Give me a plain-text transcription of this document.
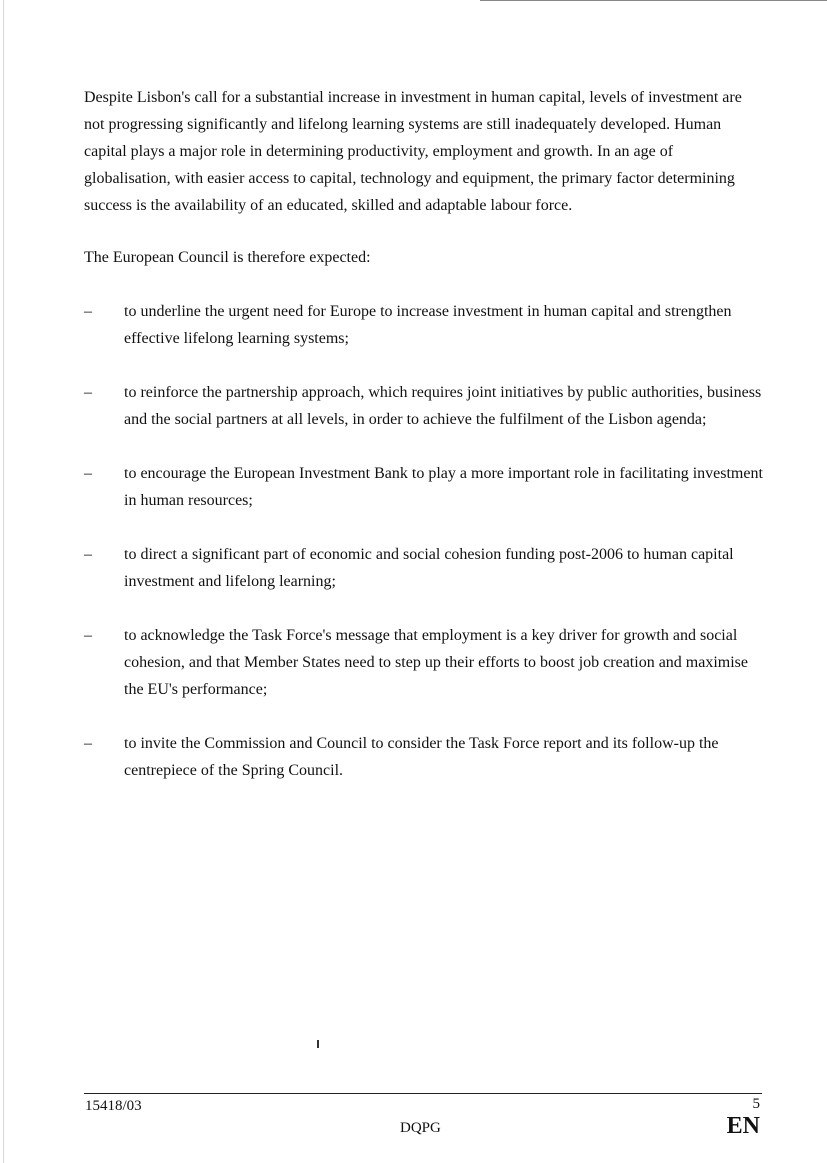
Despite Lisbon's call for a substantial increase in investment in human capital, levels of investment are not progressing significantly and lifelong learning systems are still inadequately developed. Human capital plays a major role in determining productivity, employment and growth. In an age of globalisation, with easier access to capital, technology and equipment, the primary factor determining success is the availability of an educated, skilled and adaptable labour force.

The European Council is therefore expected:

– to underline the urgent need for Europe to increase investment in human capital and strengthen effective lifelong learning systems;
– to reinforce the partnership approach, which requires joint initiatives by public authorities, business and the social partners at all levels, in order to achieve the fulfilment of the Lisbon agenda;
– to encourage the European Investment Bank to play a more important role in facilitating investment in human resources;
– to direct a significant part of economic and social cohesion funding post-2006 to human capital investment and lifelong learning;
– to acknowledge the Task Force's message that employment is a key driver for growth and social cohesion, and that Member States need to step up their efforts to boost job creation and maximise the EU's performance;
– to invite the Commission and Council to consider the Task Force report and its follow-up the centrepiece of the Spring Council.
15418/03
DQPG
5
EN
